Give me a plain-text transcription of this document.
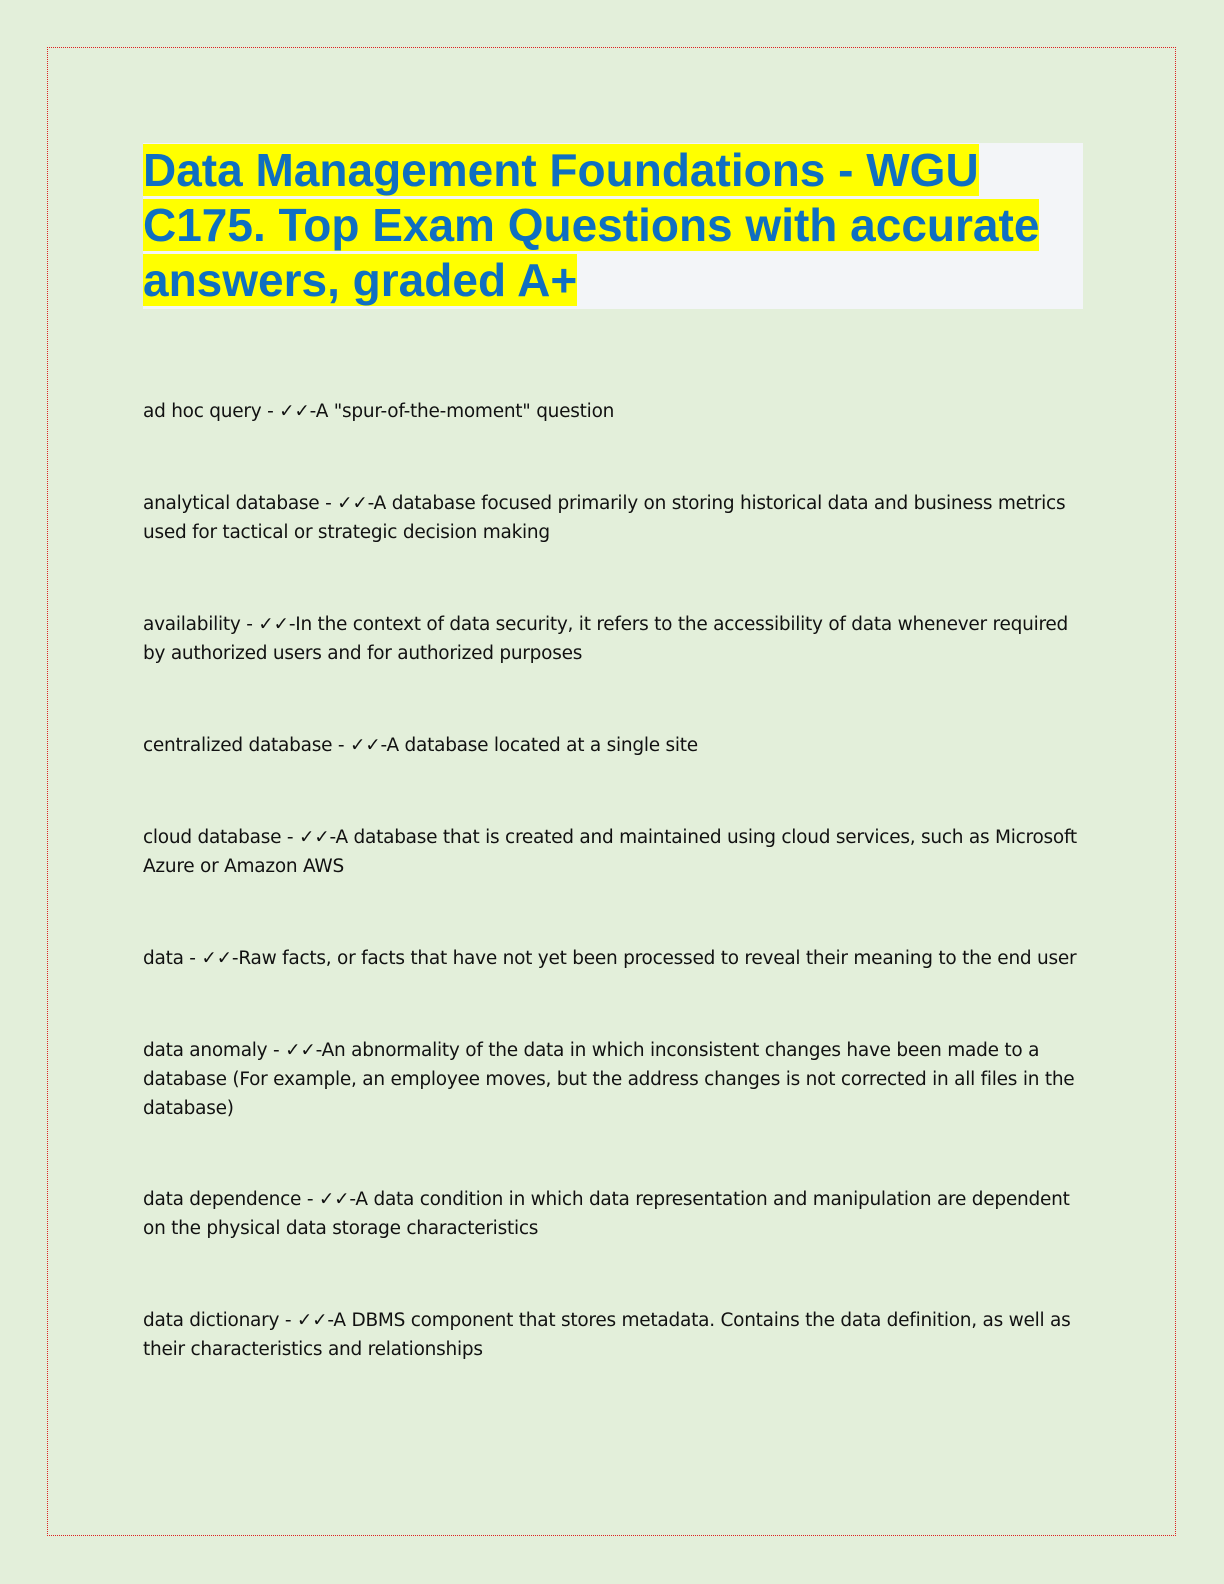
Data Management Foundations - WGU C175. Top Exam Questions with accurate answers, graded A+

ad hoc query - ✓✓-A "spur-of-the-moment" question

analytical database - ✓✓-A database focused primarily on storing historical data and business metrics used for tactical or strategic decision making

availability - ✓✓-In the context of data security, it refers to the accessibility of data whenever required by authorized users and for authorized purposes

centralized database - ✓✓-A database located at a single site

cloud database - ✓✓-A database that is created and maintained using cloud services, such as Microsoft Azure or Amazon AWS

data - ✓✓-Raw facts, or facts that have not yet been processed to reveal their meaning to the end user

data anomaly - ✓✓-An abnormality of the data in which inconsistent changes have been made to a database (For example, an employee moves, but the address changes is not corrected in all files in the database)

data dependence - ✓✓-A data condition in which data representation and manipulation are dependent on the physical data storage characteristics

data dictionary - ✓✓-A DBMS component that stores metadata. Contains the data definition, as well as their characteristics and relationships
